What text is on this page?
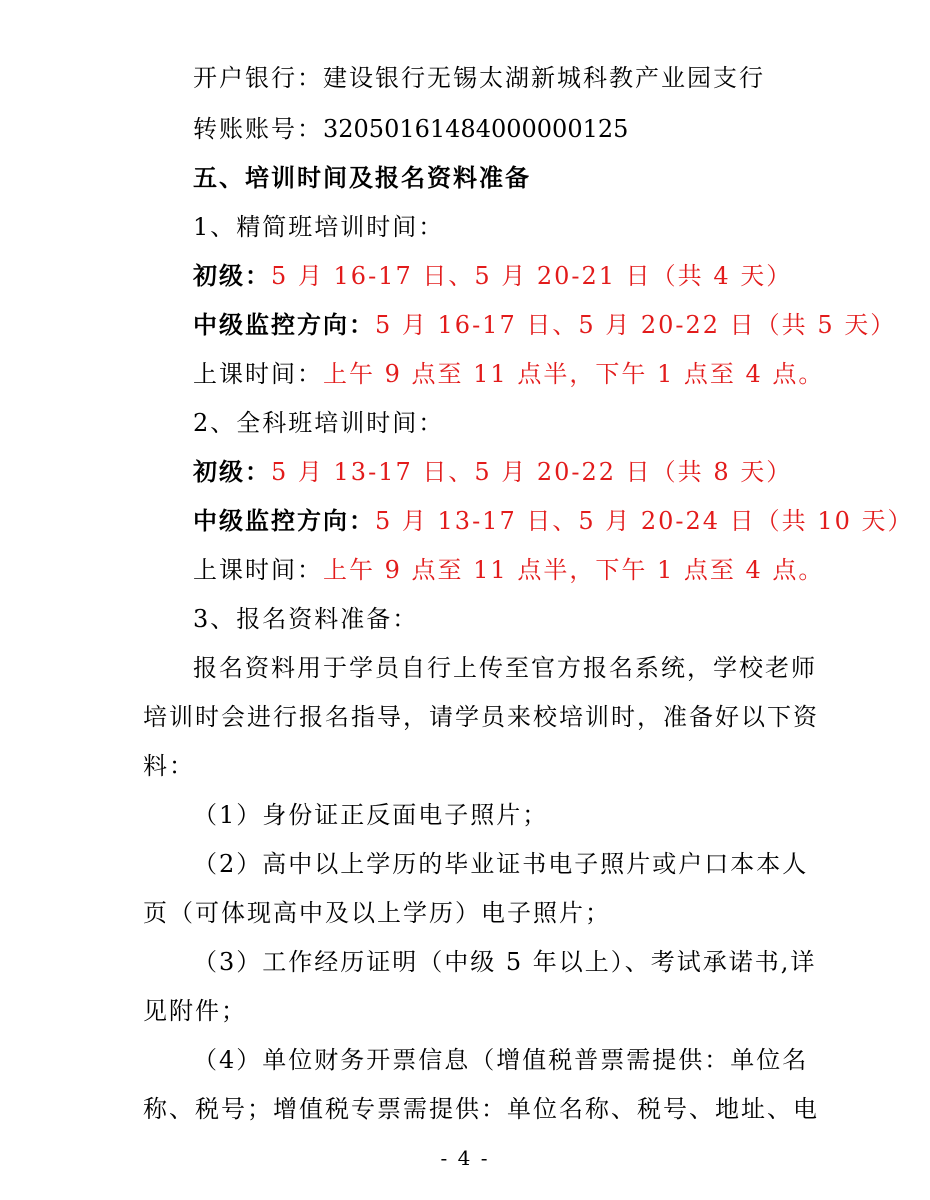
开户银行：建设银行无锡太湖新城科教产业园支行
转账账号：32050161484000000125
五、培训时间及报名资料准备
1、精简班培训时间：
初级：5 月 16-17 日、5 月 20-21 日（共 4 天）
中级监控方向：5 月 16-17 日、5 月 20-22 日（共 5 天）
上课时间：上午 9 点至 11 点半，下午 1 点至 4 点。
2、全科班培训时间：
初级：5 月 13-17 日、5 月 20-22 日（共 8 天）
中级监控方向：5 月 13-17 日、5 月 20-24 日（共 10 天）
上课时间：上午 9 点至 11 点半，下午 1 点至 4 点。
3、报名资料准备：
报名资料用于学员自行上传至官方报名系统，学校老师
培训时会进行报名指导，请学员来校培训时，准备好以下资
料：
（1）身份证正反面电子照片；
（2）高中以上学历的毕业证书电子照片或户口本本人
页（可体现高中及以上学历）电子照片；
（3）工作经历证明（中级 5 年以上）、考试承诺书,详
见附件；
（4）单位财务开票信息（增值税普票需提供：单位名
称、税号；增值税专票需提供：单位名称、税号、地址、电
- 4 -
